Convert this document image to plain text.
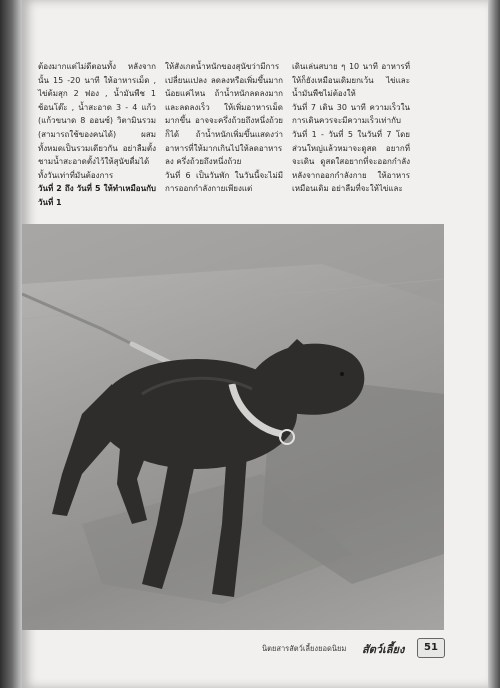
ต้องมากแต่ไม่ดีตอนทั้ง หลังจากนั้น 15 -20 นาที ให้อาหารเม็ด , ไข่ต้มสุก 2 ฟอง , น้ำมันพืช 1 ช้อนโต๊ะ , น้ำสะอาด 3 - 4 แก้ว (แก้วขนาด 8 ออนซ์) วิตามินรวม (สามารถใช้ของคนได้) ผสมทั้งหมดเป็นรวมเดียวกัน อย่าลืมตั้งชามน้ำสะอาดตั้งไว้ให้สุนัขดื่มได้ทั้งวันเท่าที่มันต้องการ

วันที่ 2 ถึง วันที่ 5 ให้ทำเหมือนกับวันที่ 1

ให้สังเกตน้ำหนักของสุนัขว่ามีการเปลี่ยนแปลง ลดลงหรือเพิ่มขึ้นมากน้อยแค่ไหน ถ้าน้ำหนักลดลงมากและลดลงเร็ว ให้เพิ่มอาหารเม็ดมากขึ้น อาจจะครึ่งถ้วยถึงหนึ่งถ้วยก็ได้ ถ้าน้ำหนักเพิ่มขึ้นแสดงว่าอาหารที่ให้มากเกินไปให้ลดอาหารลง ครึ่งถ้วยถึงหนึ่งถ้วย

วันที่ 6 เป็นวันพัก ในวันนี้จะไม่มีการออกกำลังกายเพียงแต่

เดินเล่นสบาย ๆ 10 นาที อาหารที่ให้ก็ยังเหมือนเดิมยกเว้น ไข่และน้ำมันพืชไม่ต้องให้

วันที่ 7 เดิน 30 นาที ความเร็วในการเดินควรจะมีความเร็วเท่ากับวันที่ 1 - วันที่ 5 ในวันที่ 7 โดยส่วนใหญ่แล้วหมาจะดูสด อยากที่จะเดิน ดูสดใสอยากที่จะออกกำลังหลังจากออกกำลังกาย ให้อาหารเหมือนเดิม อย่าลืมที่จะให้ไข่และ

นิตยสารสัตว์เลี้ยงยอดนิยม สัตว์เลี้ยง	51
